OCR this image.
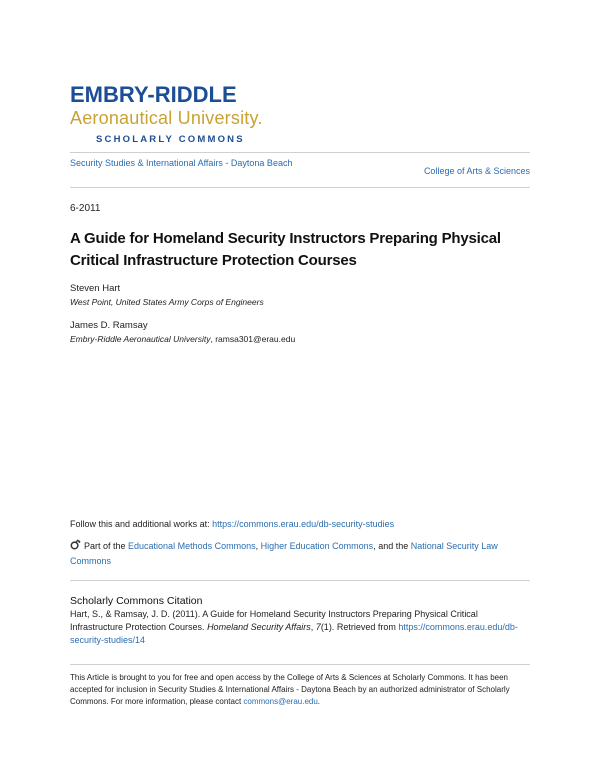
EMBRY-RIDDLE
Aeronautical University.
SCHOLARLY COMMONS
Security Studies & International Affairs - Daytona Beach
College of Arts & Sciences
6-2011
A Guide for Homeland Security Instructors Preparing Physical Critical Infrastructure Protection Courses
Steven Hart
West Point, United States Army Corps of Engineers
James D. Ramsay
Embry-Riddle Aeronautical University, ramsa301@erau.edu
Follow this and additional works at: https://commons.erau.edu/db-security-studies
Part of the Educational Methods Commons, Higher Education Commons, and the National Security Law Commons
Scholarly Commons Citation
Hart, S., & Ramsay, J. D. (2011). A Guide for Homeland Security Instructors Preparing Physical Critical Infrastructure Protection Courses. Homeland Security Affairs, 7(1). Retrieved from https://commons.erau.edu/db-security-studies/14
This Article is brought to you for free and open access by the College of Arts & Sciences at Scholarly Commons. It has been accepted for inclusion in Security Studies & International Affairs - Daytona Beach by an authorized administrator of Scholarly Commons. For more information, please contact commons@erau.edu.
